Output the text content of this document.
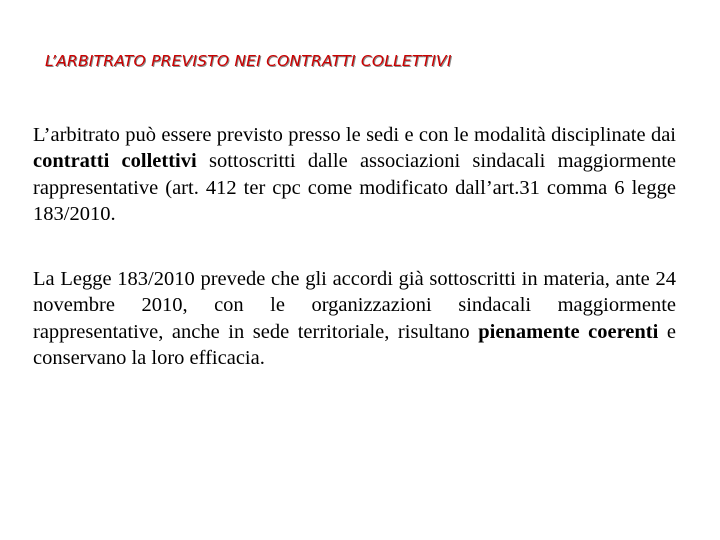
L’ARBITRATO PREVISTO NEI CONTRATTI COLLETTIVI

L’arbitrato può essere previsto presso le sedi e con le modalità disciplinate dai contratti collettivi sottoscritti dalle associazioni sindacali maggiormente rappresentative (art. 412 ter cpc come modificato dall’art.31 comma 6 legge 183/2010.

La Legge 183/2010 prevede che gli accordi già sottoscritti in materia, ante 24 novembre 2010, con le organizzazioni sindacali maggiormente rappresentative, anche in sede territoriale, risultano pienamente coerenti e conservano la loro efficacia.
